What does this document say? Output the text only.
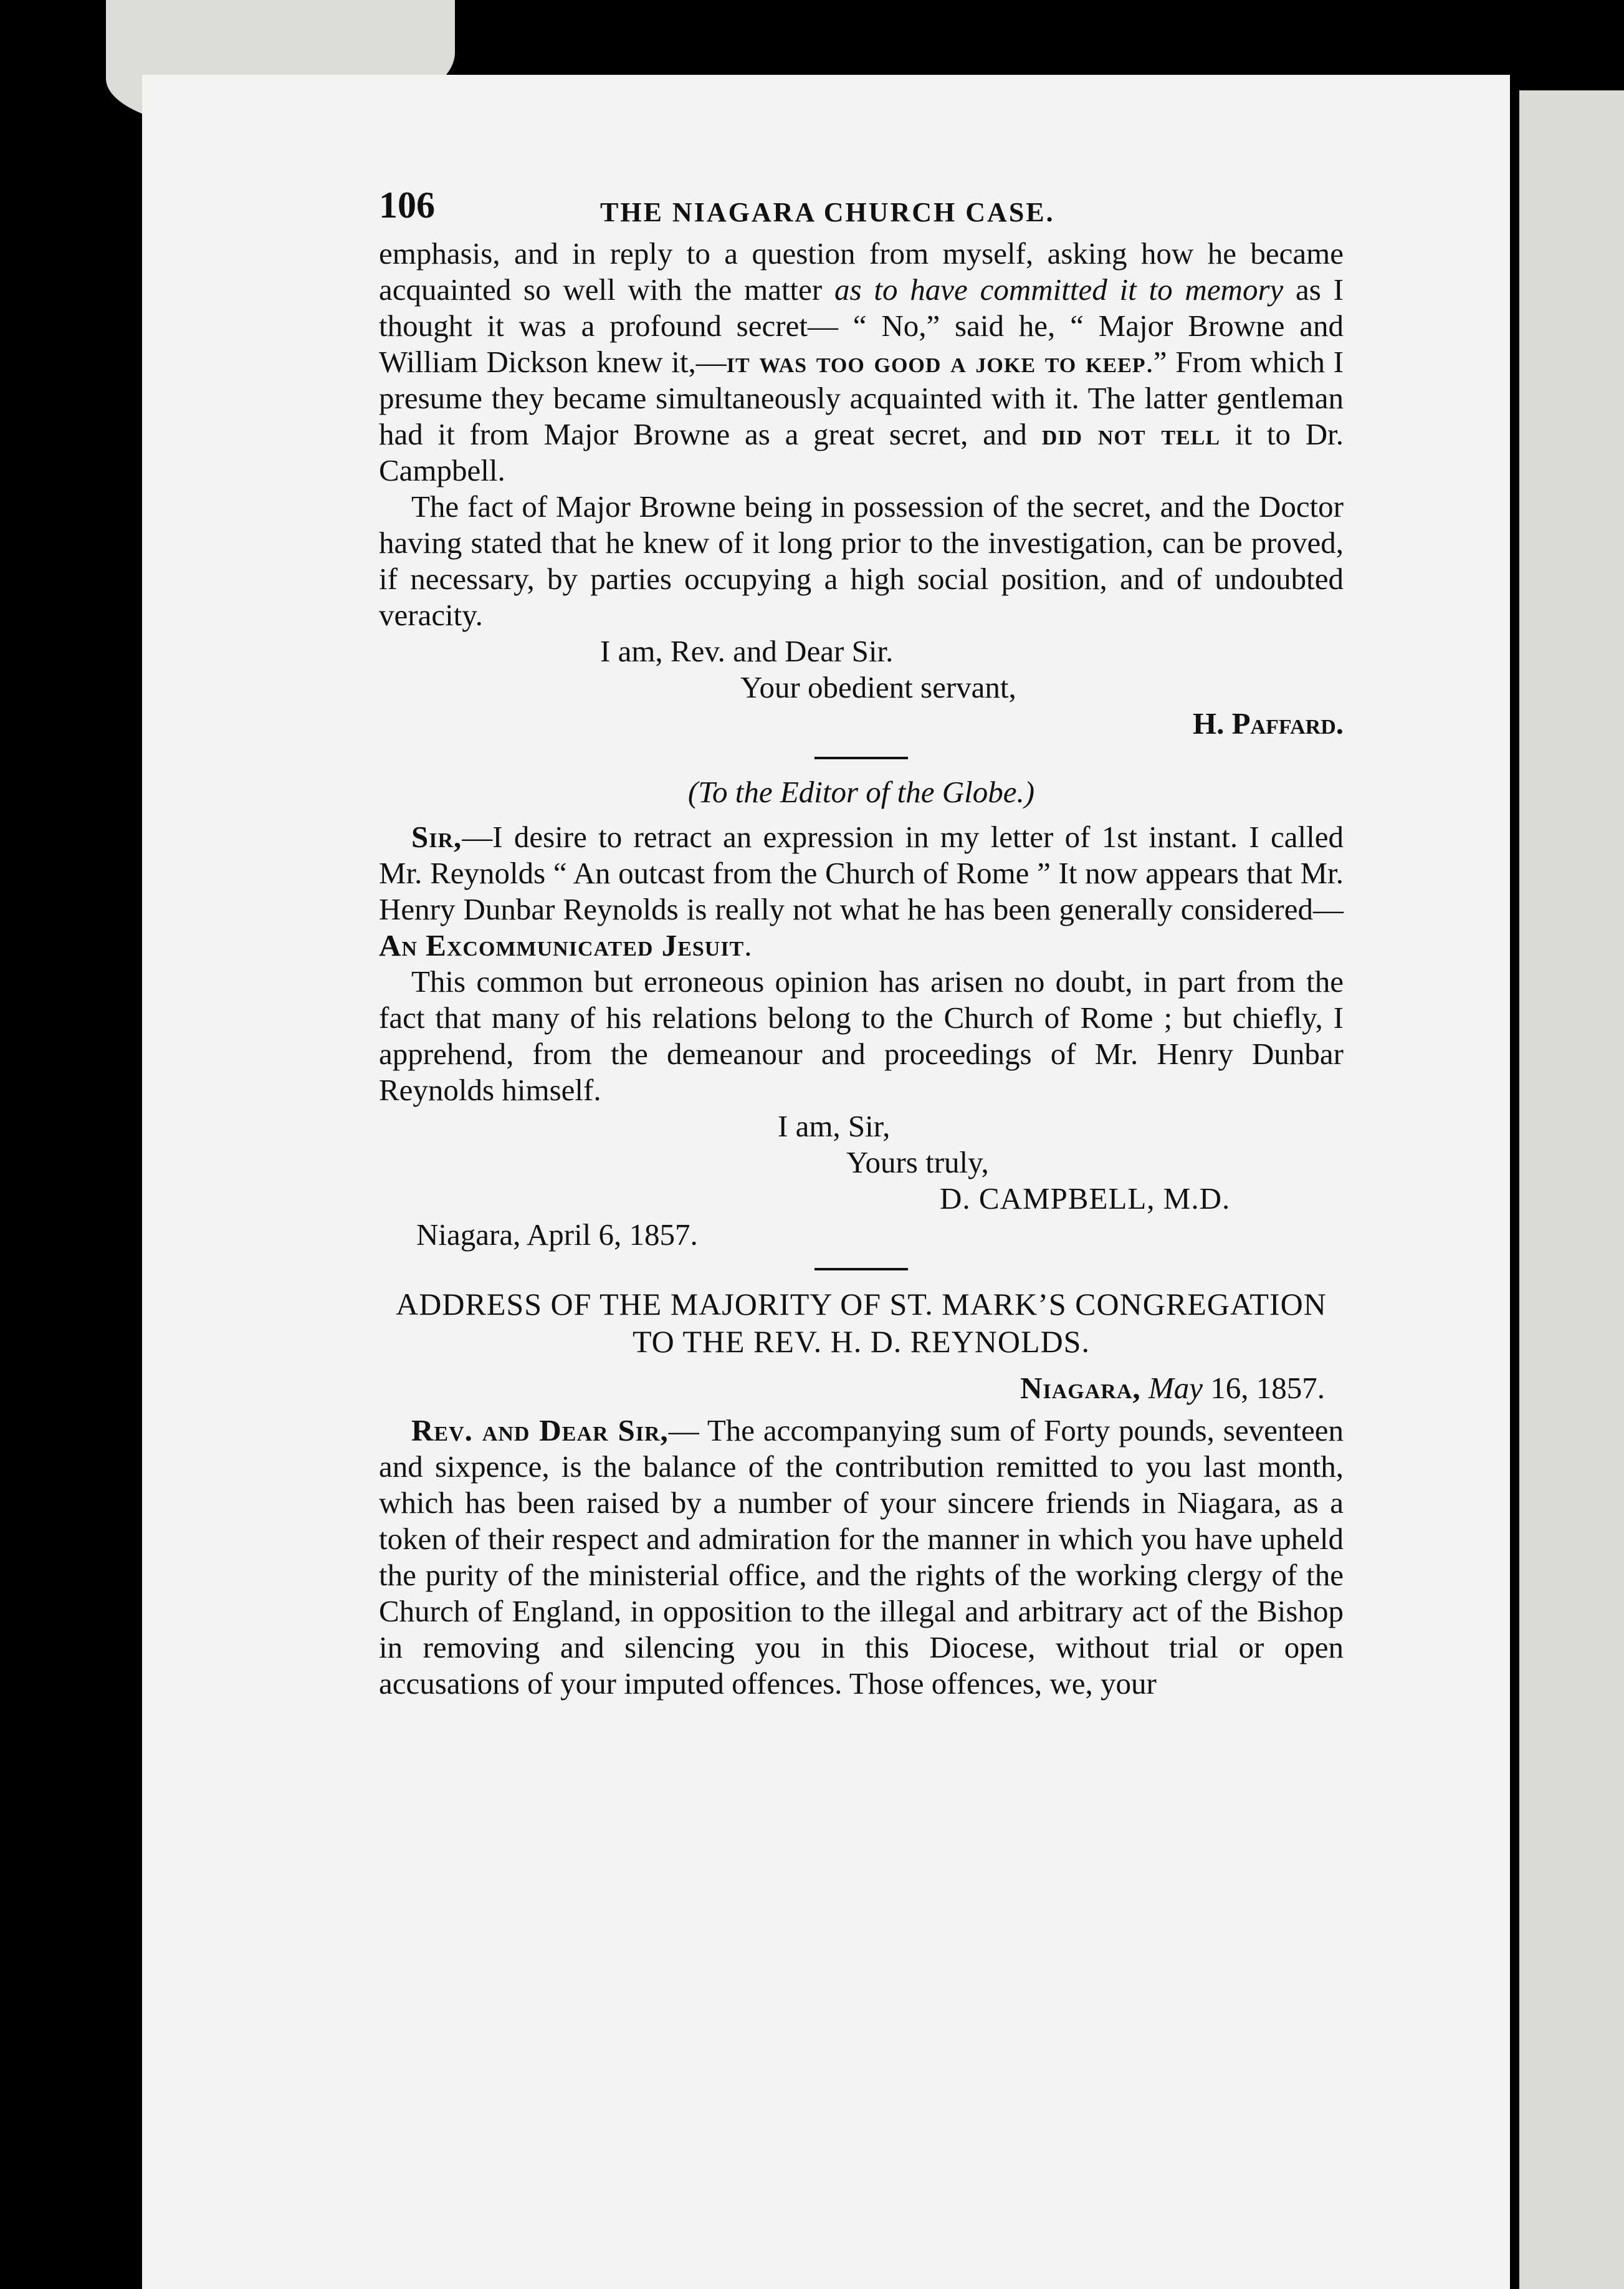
106	THE NIAGARA CHURCH CASE.

emphasis, and in reply to a question from myself, asking how he became acquainted so well with the matter as to have committed it to memory as I thought it was a profound secret— “ No,” said he, “ Major Browne and William Dickson knew it,—it was too good a joke to keep.” From which I presume they became simultaneously acquainted with it. The latter gentleman had it from Major Browne as a great secret, and did not tell it to Dr. Campbell.

The fact of Major Browne being in possession of the secret, and the Doctor having stated that he knew of it long prior to the investigation, can be proved, if necessary, by parties occupying a high social position, and of undoubted veracity.

I am, Rev. and Dear Sir.

Your obedient servant,

H. Paffard.

(To the Editor of the Globe.)

Sir,—I desire to retract an expression in my letter of 1st instant. I called Mr. Reynolds “ An outcast from the Church of Rome ” It now appears that Mr. Henry Dunbar Reynolds is really not what he has been generally considered—An Excommunicated Jesuit.

This common but erroneous opinion has arisen no doubt, in part from the fact that many of his relations belong to the Church of Rome ; but chiefly, I apprehend, from the demeanour and proceedings of Mr. Henry Dunbar Reynolds himself.

I am, Sir,

Yours truly,

D. CAMPBELL, M.D.

Niagara, April 6, 1857.

ADDRESS OF THE MAJORITY OF ST. MARK’S CONGREGATION TO THE REV. H. D. REYNOLDS.

Niagara, May 16, 1857.

Rev. and Dear Sir,— The accompanying sum of Forty pounds, seventeen and sixpence, is the balance of the contribution remitted to you last month, which has been raised by a number of your sincere friends in Niagara, as a token of their respect and admiration for the manner in which you have upheld the purity of the ministerial office, and the rights of the working clergy of the Church of England, in opposition to the illegal and arbitrary act of the Bishop in removing and silencing you in this Diocese, without trial or open accusations of your imputed offences. Those offences, we, your
